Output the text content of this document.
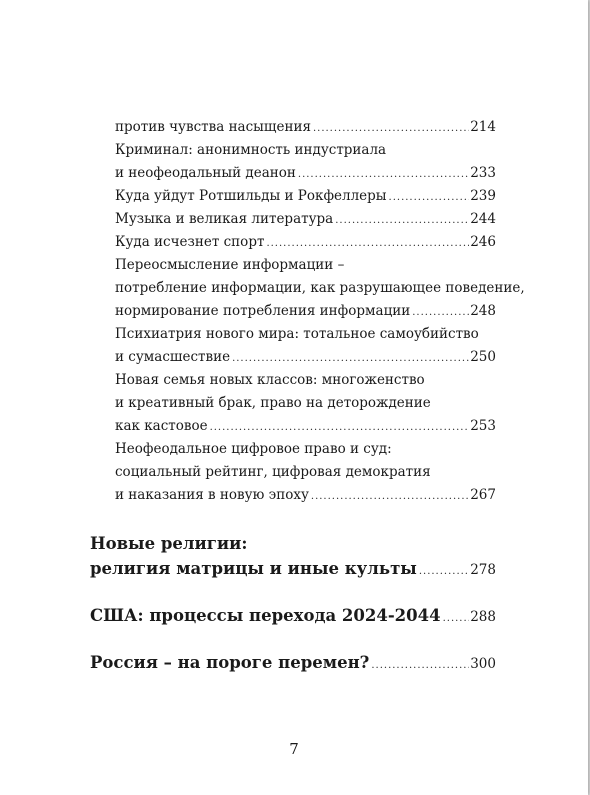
против чувства насыщения .....	214
Криминал: анонимность индустриала
и неофеодальный деанон .....	233
Куда уйдут Ротшильды и Рокфеллеры .....	239
Музыка и великая литература .....	244
Куда исчезнет спорт .....	246
Переосмысление информации –
потребление информации, как разрушающее поведение,
нормирование потребления информации .....	248
Психиатрия нового мира: тотальное самоубийство
и сумасшествие .....	250
Новая семья новых классов: многоженство
и креативный брак, право на деторождение
как кастовое .....	253
Неофеодальное цифровое право и суд:
социальный рейтинг, цифровая демократия
и наказания в новую эпоху .....	267
Новые религии:
религия матрицы и иные культы .....	278
США: процессы перехода 2024-2044 ..... 288
Россия – на пороге перемен? .....	300
7
